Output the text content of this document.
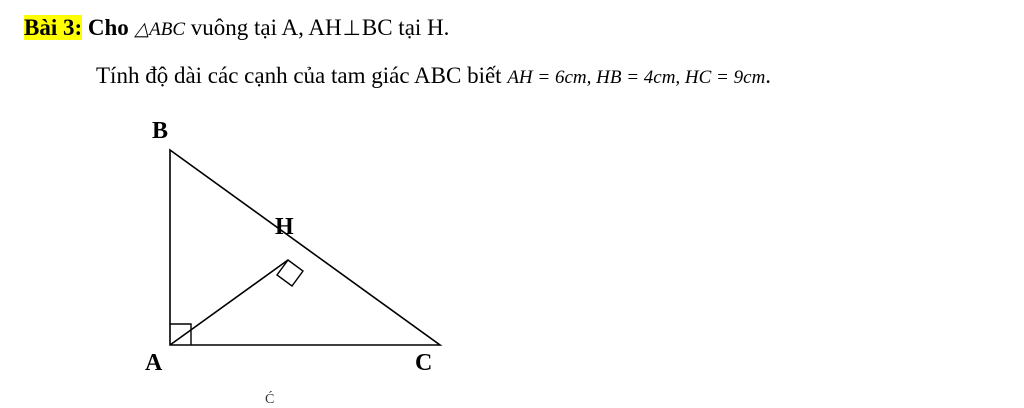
Bài 3: Cho △ABC vuông tại A, AH⊥BC tại H.
Tính độ dài các cạnh của tam giác ABC biết AH = 6cm, HB = 4cm, HC = 9cm.
B
H
A	C
Ć
